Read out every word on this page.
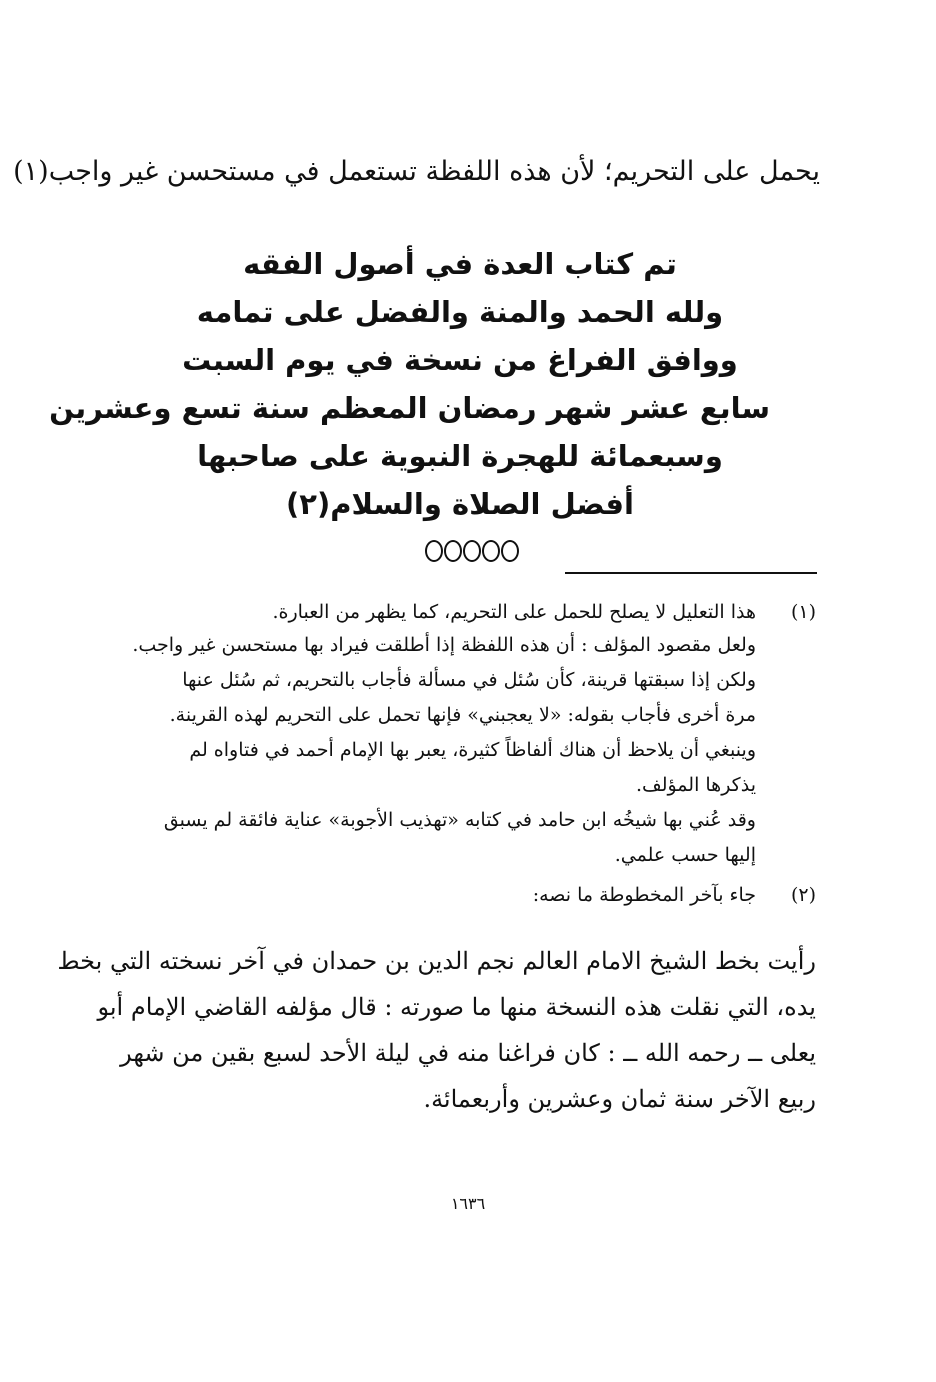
يحمل على التحريم؛ لأن هذه اللفظة تستعمل في مستحسن غير واجب(١)
تم كتاب العدة في أصول الفقه
ولله الحمد والمنة والفضل على تمامه
ووافق الفراغ من نسخة في يوم السبت
سابع عشر شهر رمضان المعظم سنة تسع وعشرين
وسبعمائة للهجرة النبوية على صاحبها
أفضل الصلاة والسلام(٢)
(١)
هذا التعليل لا يصلح للحمل على التحريم، كما يظهر من العبارة.
ولعل مقصود المؤلف : أن هذه اللفظة إذا أطلقت فيراد بها مستحسن غير واجب.
ولكن إذا سبقتها قرينة، كأن سُئل في مسألة فأجاب بالتحريم، ثم سُئل عنها
مرة أخرى فأجاب بقوله: «لا يعجبني» فإنها تحمل على التحريم لهذه القرينة.
وينبغي أن يلاحظ أن هناك ألفاظاً كثيرة، يعبر بها الإمام أحمد في فتاواه لم
يذكرها المؤلف.
وقد عُني بها شيخُه ابن حامد في كتابه «تهذيب الأجوبة» عناية فائقة لم يسبق
إليها حسب علمي.
(٢)
جاء بآخر المخطوطة ما نصه:
رأيت بخط الشيخ الامام العالم نجم الدين بن حمدان في آخر نسخته التي بخط
يده، التي نقلت هذه النسخة منها ما صورته : قال مؤلفه القاضي الإمام أبو
يعلى ــ رحمه الله ــ : كان فراغنا منه في ليلة الأحد لسبع بقين من شهر
ربيع الآخر سنة ثمان وعشرين وأربعمائة.
١٦٣٦
